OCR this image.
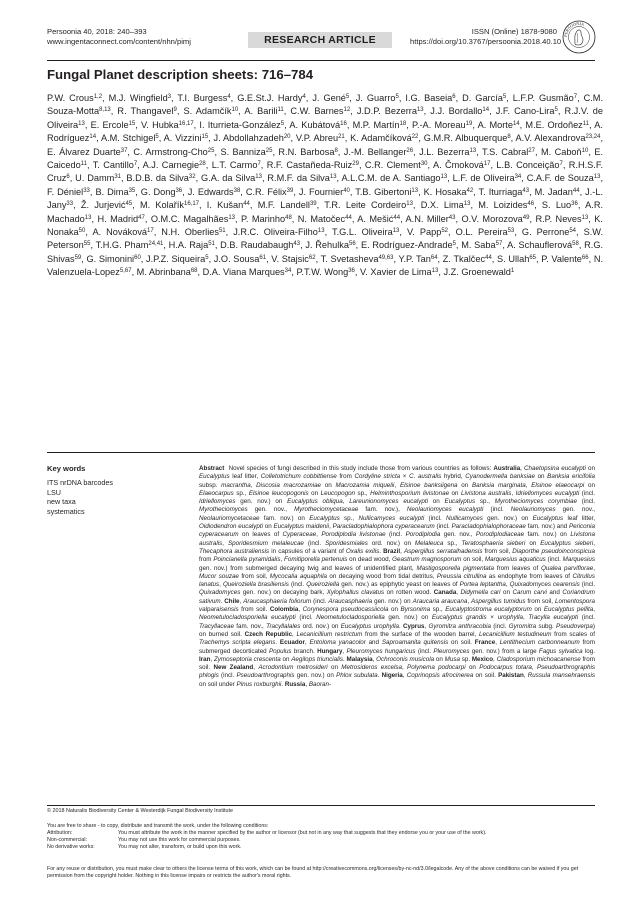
Persoonia 40, 2018: 240–393
www.ingentaconnect.com/content/nhn/pimj	RESEARCH ARTICLE
ISSN (Online) 1878-9080
https://doi.org/10.3767/persoonia.2018.40.10
PERSOONIA
Fungal Planet description sheets: 716–784
P.W. Crous$^{1,2}$, M.J. Wingfield$^3$, T.I. Burgess$^4$, G.E.St.J. Hardy$^4$, J. Gené$^5$, J. Guarro$^5$, I.G. Baseia$^6$, D. García$^5$, L.F.P. Gusmão$^7$, C.M. Souza-Motta$^{8,13}$, R. Thangavel$^9$, S. Adamčík$^{10}$, A. Barili$^{11}$, C.W. Barnes$^{12}$, J.D.P. Bezerra$^{13}$, J.J. Bordallo$^{14}$, J.F. Cano-Lira$^5$, R.J.V. de Oliveira$^{13}$, E. Ercole$^{15}$, V. Hubka$^{16,17}$, I. Iturrieta-González$^5$, A. Kubátová$^{16}$, M.P. Martín$^{18}$, P.-A. Moreau$^{19}$, A. Morte$^{14}$, M.E. Ordoñez$^{11}$, A. Rodríguez$^{14}$, A.M. Stchigel$^5$, A. Vizzini$^{15}$, J. Abdollahzadeh$^{20}$, V.P. Abreu$^{21}$, K. Adamčíková$^{22}$, G.M.R. Albuquerque$^8$, A.V. Alexandrova$^{23,24}$, E. Álvarez Duarte$^{37}$, C. Armstrong-Cho$^{25}$, S. Banniza$^{25}$, R.N. Barbosa$^8$, J.-M. Bellanger$^{26}$, J.L. Bezerra$^{13}$, T.S. Cabral$^{27}$, M. Caboň$^{10}$, E. Caicedo$^{11}$, T. Cantillo$^7$, A.J. Carnegie$^{28}$, L.T. Carmo$^7$, R.F. Castañeda-Ruiz$^{29}$, C.R. Clement$^{30}$, A. Čmoková$^{17}$, L.B. Conceição$^7$, R.H.S.F. Cruz$^6$, U. Damm$^{31}$, B.D.B. da Silva$^{32}$, G.A. da Silva$^{13}$, R.M.F. da Silva$^{13}$, A.L.C.M. de A. Santiago$^{13}$, L.F. de Oliveira$^{34}$, C.A.F. de Souza$^{13}$, F. Déniel$^{33}$, B. Dima$^{35}$, G. Dong$^{36}$, J. Edwards$^{38}$, C.R. Félix$^{39}$, J. Fournier$^{40}$, T.B. Gibertoni$^{13}$, K. Hosaka$^{42}$, T. Iturriaga$^{43}$, M. Jadan$^{44}$, J.-L. Jany$^{33}$, Ž. Jurjević$^{45}$, M. Kolařík$^{16,17}$, I. Kušan$^{44}$, M.F. Landell$^{39}$, T.R. Leite Cordeiro$^{13}$, D.X. Lima$^{13}$, M. Loizides$^{46}$, S. Luo$^{36}$, A.R. Machado$^{13}$, H. Madrid$^{47}$, O.M.C. Magalhães$^{13}$, P. Marinho$^{48}$, N. Matočec$^{44}$, A. Mešić$^{44}$, A.N. Miller$^{43}$, O.V. Morozova$^{49}$, R.P. Neves$^{13}$, K. Nonaka$^{50}$, A. Nováková$^{17}$, N.H. Oberlies$^{51}$, J.R.C. Oliveira-Filho$^{13}$, T.G.L. Oliveira$^{13}$, V. Papp$^{52}$, O.L. Pereira$^{53}$, G. Perrone$^{54}$, S.W. Peterson$^{55}$, T.H.G. Pham$^{24,41}$, H.A. Raja$^{51}$, D.B. Raudabaugh$^{43}$, J. Řehulka$^{56}$, E. Rodríguez-Andrade$^5$, M. Saba$^{57}$, A. Schauflerová$^{58}$, R.G. Shivas$^{59}$, G. Simonini$^{60}$, J.P.Z. Siqueira$^5$, J.O. Sousa$^{61}$, V. Stajsic$^{62}$, T. Svetasheva$^{49,63}$, Y.P. Tan$^{64}$, Z. Tkalčec$^{44}$, S. Ullah$^{65}$, P. Valente$^{66}$, N. Valenzuela-Lopez$^{5,67}$, M. Abrinbana$^{68}$, D.A. Viana Marques$^{34}$, P.T.W. Wong$^{36}$, V. Xavier de Lima$^{13}$, J.Z. Groenewald$^1$
Key words
ITS nrDNA barcodes
LSU
new taxa
systematics
Abstract Novel species of fungi described in this study include those from various countries as follows: Australia, Chaetopsina eucalypti on Eucalyptus leaf litter, Colletotrichum cobbittiense from Cordyline stricta × C. australis hybrid, Cyanodermella banksiae on Banksia ericifolia subsp. macrantha, Discosia macrozamiae on Macrozamia miquelii, Elsinoe banksiigena on Banksia marginata, Elsinoe elaeocarpi on Elaeocarpus sp., Elsinoe leucopogonis on Leucopogon sp., Helminthosporium livistonae on Livistona australis, Idriellomyces eucalypti (incl. Idriellomyces gen. nov.) on Eucalyptus obliqua, Lareunionomyces eucalypti on Eucalyptus sp., Myrotheciomyces corymbiae (incl. Myrotheciomyces gen. nov., Myrotheciomycetaceae fam. nov.), Neolauriomyces eucalypti (incl. Neolauriomyces gen. nov., Neolauriomycetaceae fam. nov.) on Eucalyptus sp., Nullicamyces eucalypti (incl. Nullicamyces gen. nov.) on Eucalyptus leaf litter, Oidiodendron eucalypti on Eucalyptus maidenii, Paracladophialophora cyperacearum (incl. Paracladophialophoraceae fam. nov.) and Periconia cyperacearum on leaves of Cyperaceae, Porodiplodia livistonae (incl. Porodiplodia gen. nov., Porodiplodiaceae fam. nov.) on Livistona australis, Sporidesmium melaleucae (incl. Sporidesmiales ord. nov.) on Melaleuca sp., Teratosphaeria sieberi on Eucalyptus sieberi, Thecaphora australiensis in capsules of a variant of Oxalis exilis. Brazil, Aspergillus serratalhadensis from soil, Diaporthe pseudoinconspicua from Poincianella pyramidalis, Fomitiporella pertenuis on dead wood, Geastrum magnosporum on soil, Marquesius aquaticus (incl. Marquesius gen. nov.) from submerged decaying twig and leaves of unidentified plant, Mastigosporella pigmentata from leaves of Qualea parviflorae, Mucor souzae from soil, Mycocalia aquaphila on decaying wood from tidal detritus, Preussia citrullina as endophyte from leaves of Citrullus lanatus, Queiroziella brasiliensis (incl. Queiroziella gen. nov.) as epiphytic yeast on leaves of Portea leptantha, Quixadomyces cearensis (incl. Quixadomyces gen. nov.) on decaying bark, Xylophallus clavatus on rotten wood. Canada, Didymella cari on Carum carvi and Coriandrum sativum. Chile, Araucasphaeria foliorum (incl. Araucasphaeria gen. nov.) on Araucaria araucana, Aspergillus tumidus from soil, Lomentospora valparaisensis from soil. Colombia, Corynespora pseudocassiicola on Byrsonima sp., Eucalyptostroma eucalyptorum on Eucalyptus pellita, Neometulocladosporiella eucalypti (incl. Neometulocladosporiella gen. nov.) on Eucalyptus grandis × urophylla, Tracylla eucalypti (incl. Tracyllaceae fam. nov., Tracyllalales ord. nov.) on Eucalyptus urophylla. Cyprus, Gyromitra anthracobia (incl. Gyromitra subg. Pseudoverpa) on burned soil. Czech Republic, Lecanicillium restrictum from the surface of the wooden barrel, Lecanicillium testudineum from scales of Trachemys scripta elegans. Ecuador, Entoloma yanacolor and Saproamanita quitensis on soil. France, Lentithecium carbonneanum from submerged decorticated Populus branch. Hungary, Pleuromyces hungaricus (incl. Pleuromyces gen. nov.) from a large Fagus sylvatica log. Iran, Zymoseptoria crescenta on Aegilops triuncialis. Malaysia, Ochroconis musicola on Musa sp. Mexico, Cladosporium michoacanense from soil. New Zealand, Acrodontium metrosideri on Metrosideros excelsa, Polynema podocarpi on Podocarpus totara, Pseudoarthrographis phlogis (incl. Pseudoarthrographis gen. nov.) on Phlox subulata. Nigeria, Coprinopsis afrocinerea on soil. Pakistan, Russula mansehraensis on soil under Pinus roxburghii. Russia, Baoran-
© 2018 Naturalis Biodiversity Center & Westerdijk Fungal Biodiversity Institute
You are free to share - to copy, distribute and transmit the work, under the following conditions:
Attribution:	You must attribute the work in the manner specified by the author or licensor (but not in any way that suggests that they endorse you or your use of the work).
Non-commercial:	You may not use this work for commercial purposes.
No derivative works:	You may not alter, transform, or build upon this work.
For any reuse or distribution, you must make clear to others the license terms of this work, which can be found at http://creativecommons.org/licenses/by-nc-nd/3.0/legalcode. Any of the above conditions can be waived if you get permission from the copyright holder. Nothing in this license impairs or restricts the author's moral rights.
